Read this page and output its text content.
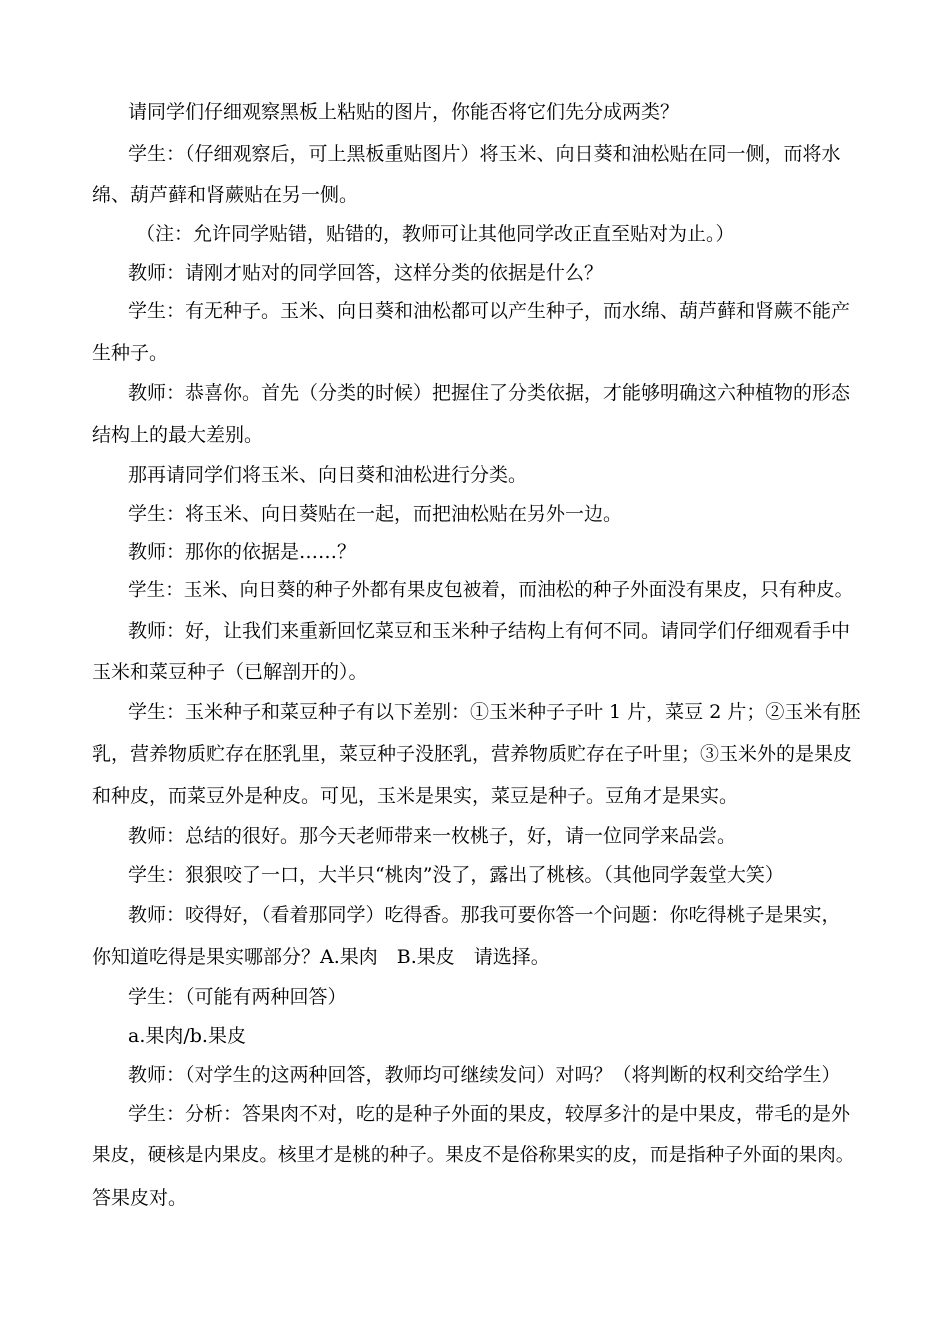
请同学们仔细观察黑板上粘贴的图片，你能否将它们先分成两类？
学生：（仔细观察后，可上黑板重贴图片）将玉米、向日葵和油松贴在同一侧，而将水
绵、葫芦藓和肾蕨贴在另一侧。
（注：允许同学贴错，贴错的，教师可让其他同学改正直至贴对为止。）
教师：请刚才贴对的同学回答，这样分类的依据是什么？
学生：有无种子。玉米、向日葵和油松都可以产生种子，而水绵、葫芦藓和肾蕨不能产
生种子。
教师：恭喜你。首先（分类的时候）把握住了分类依据，才能够明确这六种植物的形态
结构上的最大差别。
那再请同学们将玉米、向日葵和油松进行分类。
学生：将玉米、向日葵贴在一起，而把油松贴在另外一边。
教师：那你的依据是……？
学生：玉米、向日葵的种子外都有果皮包被着，而油松的种子外面没有果皮，只有种皮。
教师：好，让我们来重新回忆菜豆和玉米种子结构上有何不同。请同学们仔细观看手中
玉米和菜豆种子（已解剖开的）。
学生：玉米种子和菜豆种子有以下差别：①玉米种子子叶 1 片，菜豆 2 片；②玉米有胚
乳，营养物质贮存在胚乳里，菜豆种子没胚乳，营养物质贮存在子叶里；③玉米外的是果皮
和种皮，而菜豆外是种皮。可见，玉米是果实，菜豆是种子。豆角才是果实。
教师：总结的很好。那今天老师带来一枚桃子，好，请一位同学来品尝。
学生：狠狠咬了一口，大半只“桃肉”没了，露出了桃核。（其他同学轰堂大笑）
教师：咬得好，（看着那同学）吃得香。那我可要你答一个问题：你吃得桃子是果实，
你知道吃得是果实哪部分？A.果肉　B.果皮　请选择。
学生：（可能有两种回答）
a.果肉/b.果皮
教师：（对学生的这两种回答，教师均可继续发问）对吗？（将判断的权利交给学生）
学生：分析：答果肉不对，吃的是种子外面的果皮，较厚多汁的是中果皮，带毛的是外
果皮，硬核是内果皮。核里才是桃的种子。果皮不是俗称果实的皮，而是指种子外面的果肉。
答果皮对。
